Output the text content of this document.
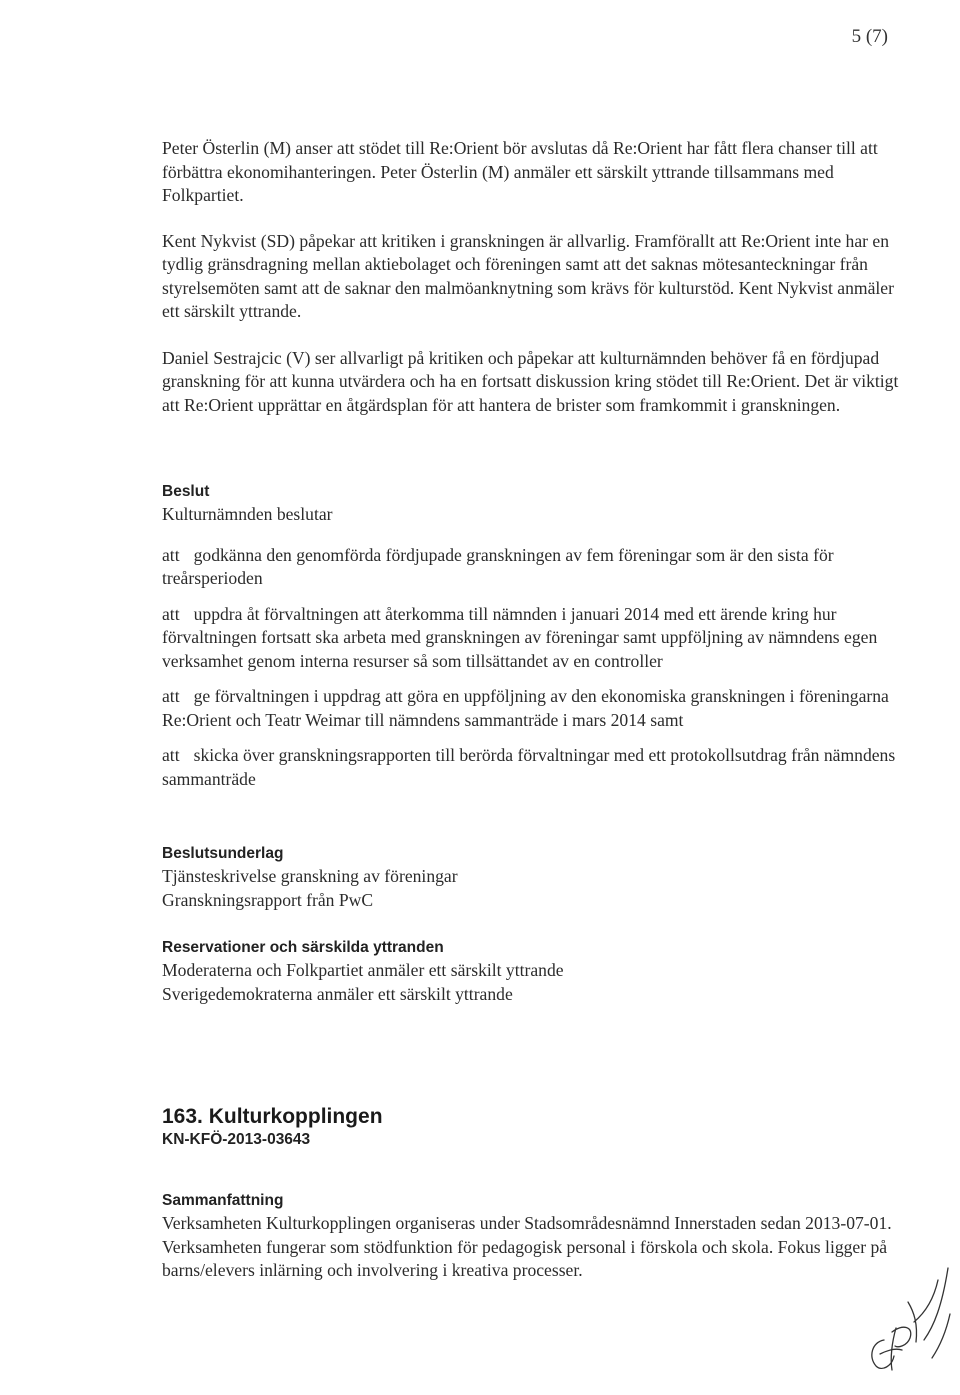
5 (7)

Peter Österlin (M) anser att stödet till Re:Orient bör avslutas då Re:Orient har fått flera chanser till att förbättra ekonomihanteringen. Peter Österlin (M) anmäler ett särskilt yttrande tillsammans med Folkpartiet.

Kent Nykvist (SD) påpekar att kritiken i granskningen är allvarlig. Framförallt att Re:Orient inte har en tydlig gränsdragning mellan aktiebolaget och föreningen samt att det saknas mötesanteckningar från styrelsemöten samt att de saknar den malmöanknytning som krävs för kulturstöd. Kent Nykvist anmäler ett särskilt yttrande.

Daniel Sestrajcic (V) ser allvarligt på kritiken och påpekar att kulturnämnden behöver få en fördjupad granskning för att kunna utvärdera och ha en fortsatt diskussion kring stödet till Re:Orient. Det är viktigt att Re:Orient upprättar en åtgärdsplan för att hantera de brister som framkommit i granskningen.

Beslut

Kulturnämnden beslutar

att godkänna den genomförda fördjupade granskningen av fem föreningar som är den sista för treårsperioden

att uppdra åt förvaltningen att återkomma till nämnden i januari 2014 med ett ärende kring hur förvaltningen fortsatt ska arbeta med granskningen av föreningar samt uppföljning av nämndens egen verksamhet genom interna resurser så som tillsättandet av en controller

att ge förvaltningen i uppdrag att göra en uppföljning av den ekonomiska granskningen i föreningarna Re:Orient och Teatr Weimar till nämndens sammanträde i mars 2014 samt

att skicka över granskningsrapporten till berörda förvaltningar med ett protokollsutdrag från nämndens sammanträde

Beslutsunderlag

Tjänsteskrivelse granskning av föreningar

Granskningsrapport från PwC

Reservationer och särskilda yttranden

Moderaterna och Folkpartiet anmäler ett särskilt yttrande

Sverigedemokraterna anmäler ett särskilt yttrande

163. Kulturkopplingen
KN-KFÖ-2013-03643
Sammanfattning

Verksamheten Kulturkopplingen organiseras under Stadsområdesnämnd Innerstaden sedan 2013-07-01. Verksamheten fungerar som stödfunktion för pedagogisk personal i förskola och skola. Fokus ligger på barns/elevers inlärning och involvering i kreativa processer.
